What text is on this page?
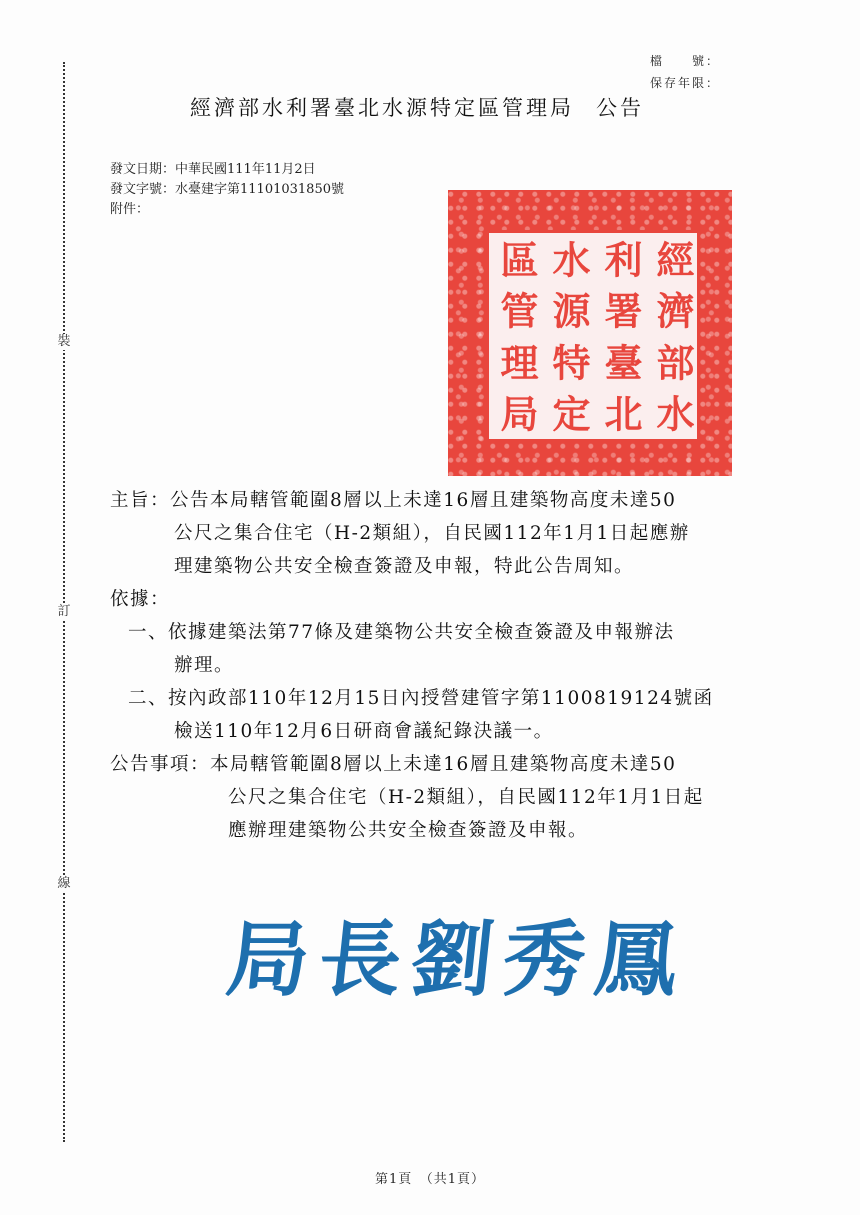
裝
訂
線
檔　　號：
保存年限：
經濟部水利署臺北水源特定區管理局 公告
發文日期：中華民國111年11月2日
發文字號：水臺建字第11101031850號
附件：
經
利
水
區
濟
署
源
管
部
臺
特
理
水
北
定
局
主旨：公告本局轄管範圍8層以上未達16層且建築物高度未達50
公尺之集合住宅（H-2類組），自民國112年1月1日起應辦
理建築物公共安全檢查簽證及申報，特此公告周知。
依據：
一、依據建築法第77條及建築物公共安全檢查簽證及申報辦法
辦理。
二、按內政部110年12月15日內授營建管字第1100819124號函
檢送110年12月6日研商會議紀錄決議一。
公告事項：本局轄管範圍8層以上未達16層且建築物高度未達50
公尺之集合住宅（H-2類組），自民國112年1月1日起
應辦理建築物公共安全檢查簽證及申報。
局長劉秀鳳
第1頁　（共1頁）
